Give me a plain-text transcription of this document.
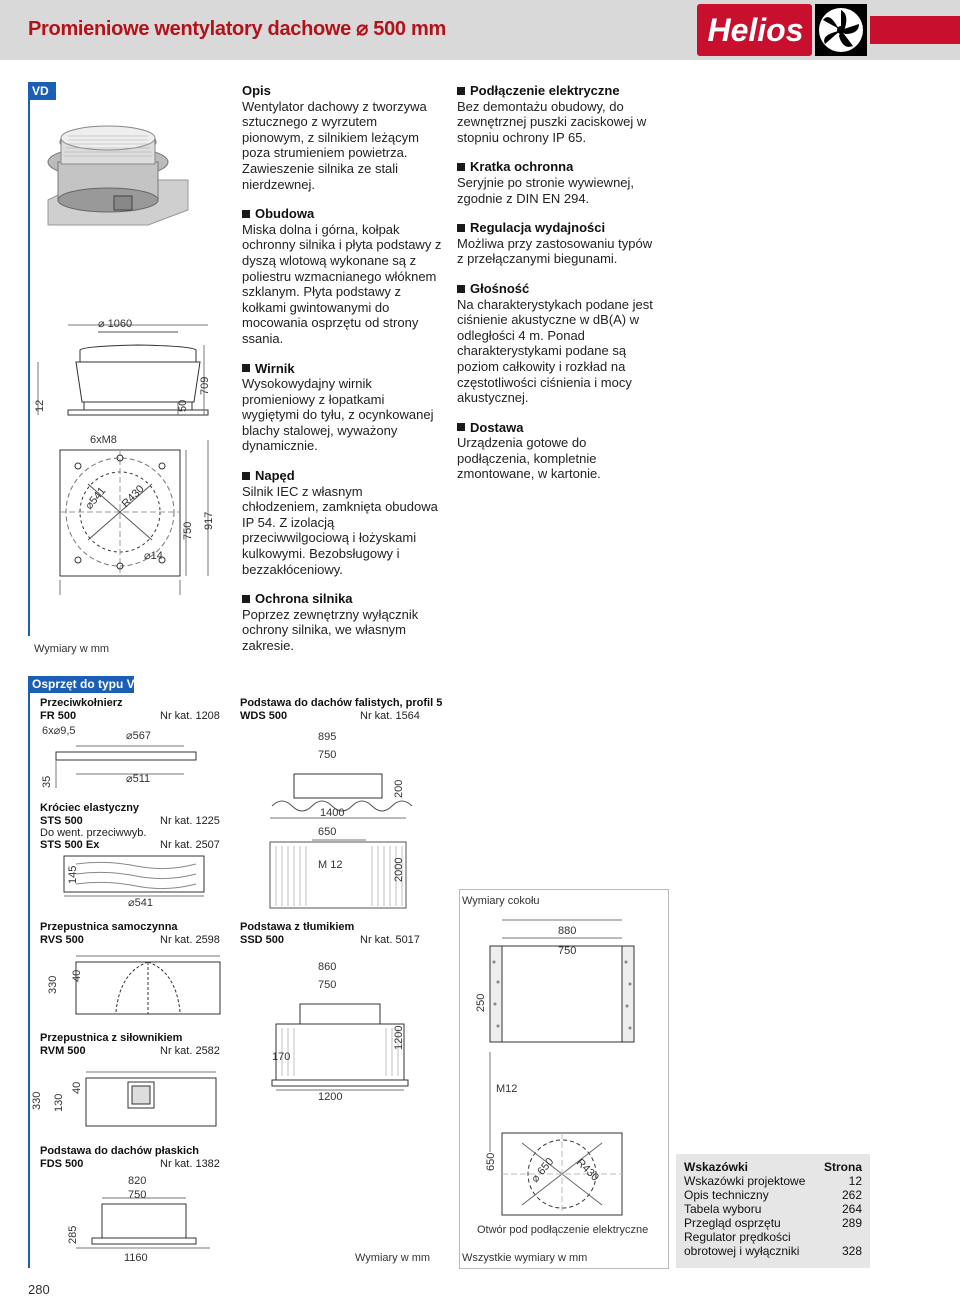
Promieniowe wentylatory dachowe ⌀ 500 mm	Helios
VD
⌀ 1060
12	50
709
6xM8
⌀541 R430
⌀14
750
917
Opis
Wentylator dachowy z tworzywa sztucznego z wyrzutem pionowym, z silnikiem leżącym poza strumieniem powietrza. Zawieszenie silnika ze stali nierdzewnej.
Obudowa
Miska dolna i górna, kołpak ochronny silnika i płyta podstawy z dyszą wlotową wykonane są z poliestru wzmacnianego włóknem szklanym. Płyta podstawy z kołkami gwintowanymi do mocowania osprzętu od strony ssania.
Wirnik
Wysokowydajny wirnik promieniowy z łopatkami wygiętymi do tyłu, z ocynkowanej blachy stalowej, wyważony dynamicznie.
Napęd
Silnik IEC z własnym chłodzeniem, zamknięta obudowa IP 54. Z izolacją przeciwwilgociową i łożyskami kulkowymi. Bezobsługowy i bezzakłóceniowy.
Ochrona silnika
Poprzez zewnętrzny wyłącznik ochrony silnika, we własnym zakresie.
Podłączenie elektryczne
Bez demontażu obudowy, do zewnętrznej puszki zaciskowej w stopniu ochrony IP 65.
Kratka ochronna
Seryjnie po stronie wywiewnej, zgodnie z DIN EN 294.
Regulacja wydajności
Możliwa przy zastosowaniu typów z przełączanymi biegunami.
Głośność
Na charakterystykach podane jest ciśnienie akustyczne w dB(A) w odległości 4 m. Ponad charakterystykami podane są poziom całkowity i rozkład na częstotliwości ciśnienia i mocy akustycznej.
Dostawa
Urządzenia gotowe do podłączenia, kompletnie zmontowane, w kartonie.
Wymiary w mm
Osprzęt do typu VD
Przeciwkołnierz
FR 500	Nr kat. 1208
6x⌀9,5	⌀567
⌀511
35
Króciec elastyczny
STS 500	Nr kat. 1225
Do went. przeciwwyb.
STS 500 Ex	Nr kat. 2507
⌀541
145
Przepustnica samoczynna
RVS 500	Nr kat. 2598
330 40
Przepustnica z siłownikiem
RVM 500	Nr kat. 2582
330 130
40
Podstawa do dachów płaskich
FDS 500	Nr kat. 1382
820
750
1160
285
Podstawa do dachów falistych, profil 5
WDS 500	Nr kat. 1564
895
750
1400
650
M 12
200
2000
Podstawa z tłumikiem
SSD 500	Nr kat. 5017
860
750
1200
170
1200
Wymiary w mm
Wymiary cokołu
880
750
250
M12
650	⌀ 650 R430
Otwór pod podłączenie elektryczne
Wszystkie wymiary w mm
Wskazówki	Strona
Wskazówki projektowe	12
Opis techniczny	262
Tabela wyboru	264
Przegląd osprzętu	289
Regulator prędkości
obrotowej i wyłączniki	328
280
